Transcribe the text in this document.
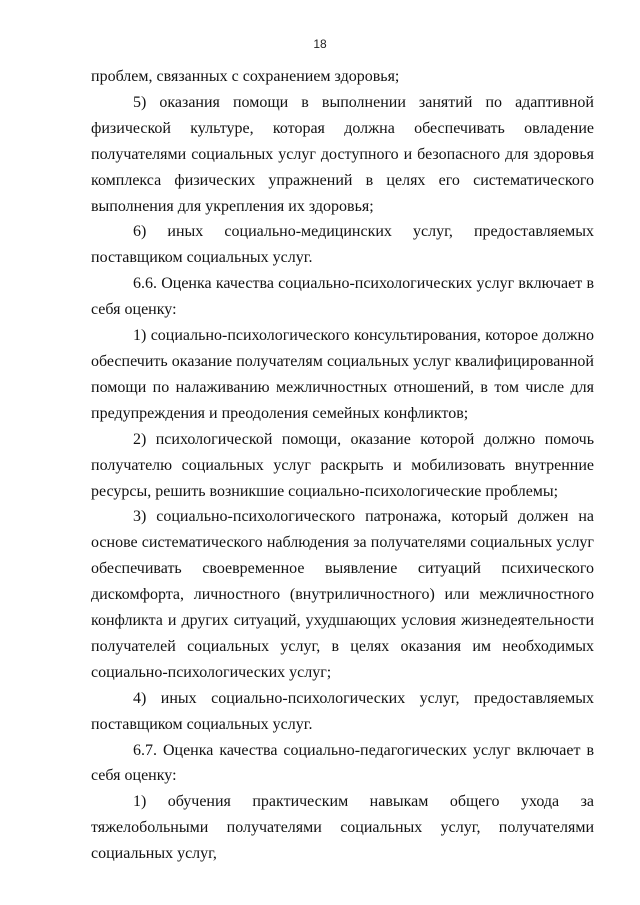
18

проблем, связанных с сохранением здоровья;

5) оказания помощи в выполнении занятий по адаптивной физической культуре, которая должна обеспечивать овладение получателями социальных услуг доступного и безопасного для здоровья комплекса физических упражнений в целях его систематического выполнения для укрепления их здоровья;

6) иных социально-медицинских услуг, предоставляемых поставщиком социальных услуг.

6.6. Оценка качества социально-психологических услуг включает в себя оценку:

1) социально-психологического консультирования, которое должно обеспечить оказание получателям социальных услуг квалифицированной помощи по налаживанию межличностных отношений, в том числе для предупреждения и преодоления семейных конфликтов;

2) психологической помощи, оказание которой должно помочь получателю социальных услуг раскрыть и мобилизовать внутренние ресурсы, решить возникшие социально-психологические проблемы;

3) социально-психологического патронажа, который должен на основе систематического наблюдения за получателями социальных услуг обеспечивать своевременное выявление ситуаций психического дискомфорта, личностного (внутриличностного) или межличностного конфликта и других ситуаций, ухудшающих условия жизнедеятельности получателей социальных услуг, в целях оказания им необходимых социально-психологических услуг;

4) иных социально-психологических услуг, предоставляемых поставщиком социальных услуг.

6.7. Оценка качества социально-педагогических услуг включает в себя оценку:

1) обучения практическим навыкам общего ухода за тяжелобольными получателями социальных услуг, получателями социальных услуг,
